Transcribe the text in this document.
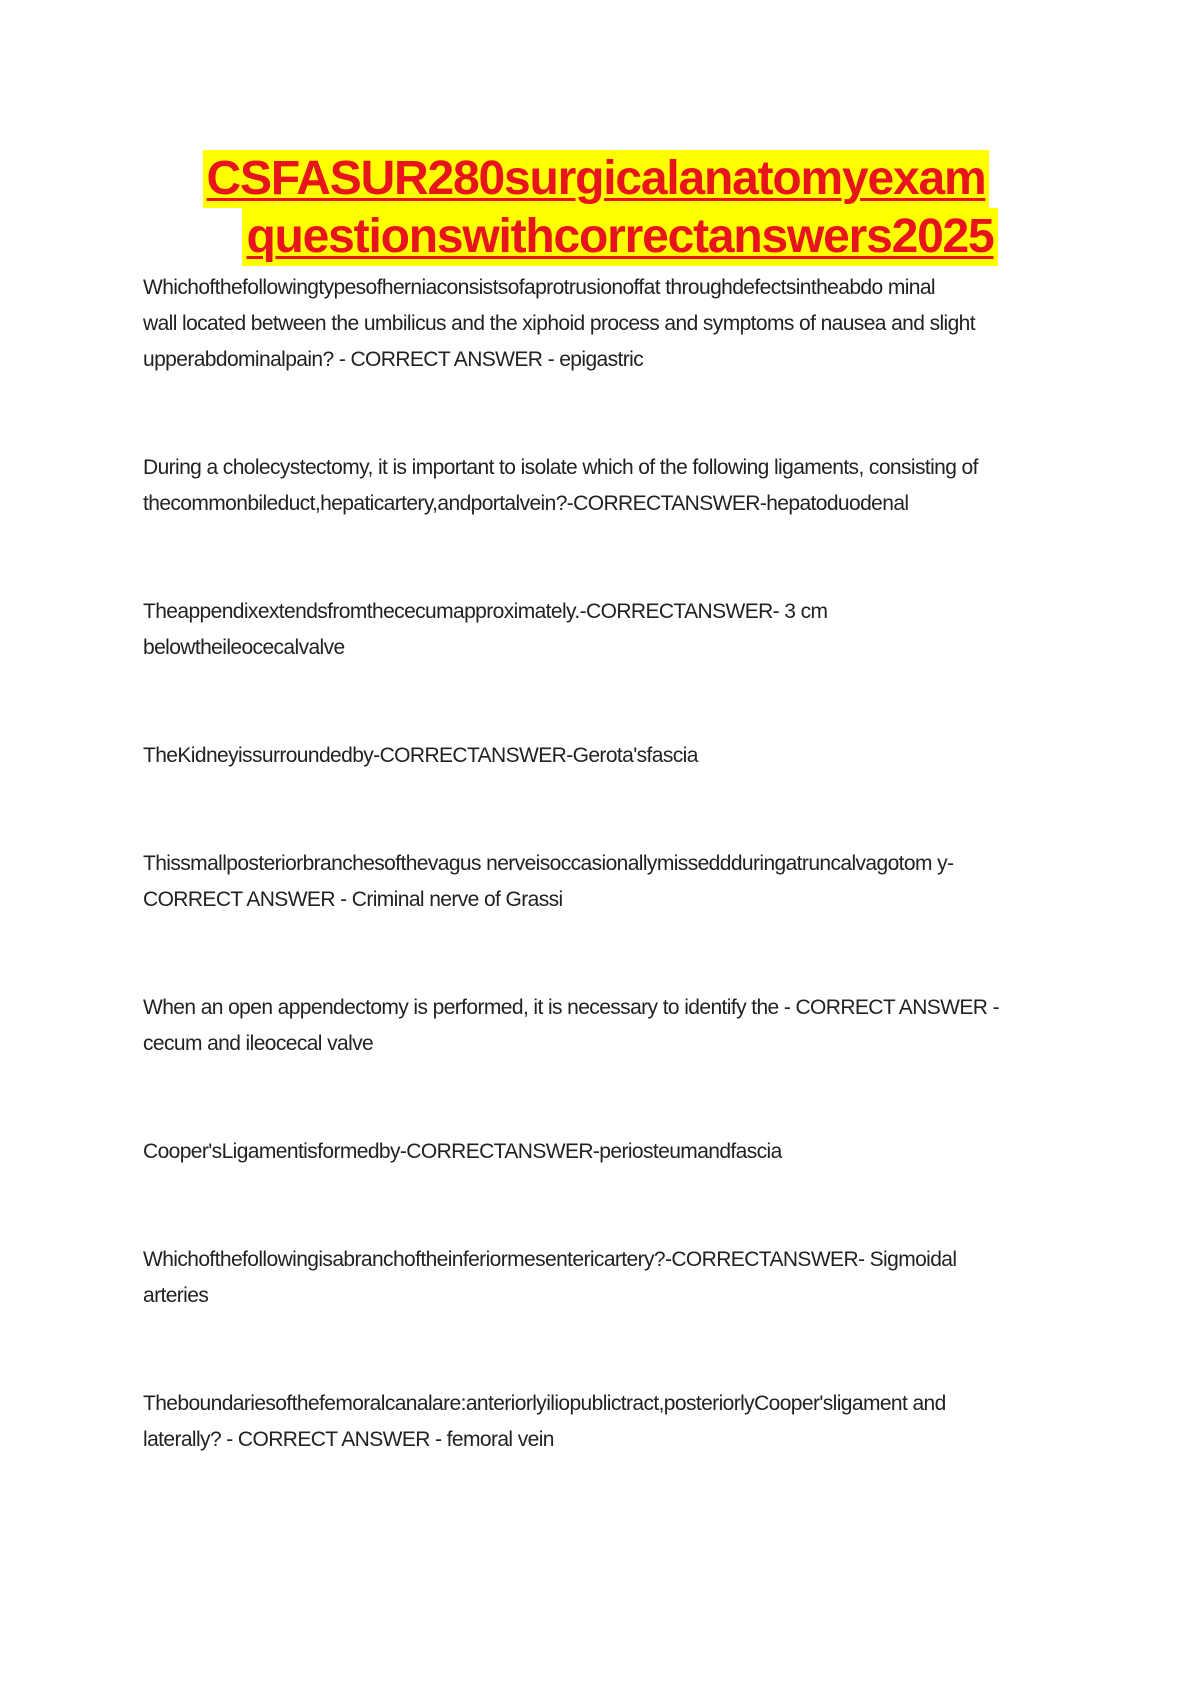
CSFASUR280surgicalanatomyexam
questionswithcorrectanswers2025

Whichofthefollowingtypesofherniaconsistsofaprotrusionoffat throughdefectsintheabdo minal
wall located between the umbilicus and the xiphoid process and symptoms of nausea and slight
upperabdominalpain? - CORRECT ANSWER - epigastric

During a cholecystectomy, it is important to isolate which of the following ligaments, consisting of
thecommonbileduct,hepaticartery,andportalvein?-CORRECTANSWER-hepatoduodenal

Theappendixextendsfromthececumapproximately.-CORRECTANSWER- 3 cm
belowtheileocecalvalve

TheKidneyissurroundedby-CORRECTANSWER-Gerota'sfascia

Thissmallposteriorbranchesofthevagus nerveisoccasionallymisseddduringatruncalvagotom y-
CORRECT ANSWER - Criminal nerve of Grassi

When an open appendectomy is performed, it is necessary to identify the - CORRECT ANSWER -
cecum and ileocecal valve

Cooper'sLigamentisformedby-CORRECTANSWER-periosteumandfascia

Whichofthefollowingisabranchoftheinferiormesentericartery?-CORRECTANSWER- Sigmoidal
arteries

Theboundariesofthefemoralcanalare:anteriorlyiliopublictract,posteriorlyCooper'sligament and
laterally? - CORRECT ANSWER - femoral vein
